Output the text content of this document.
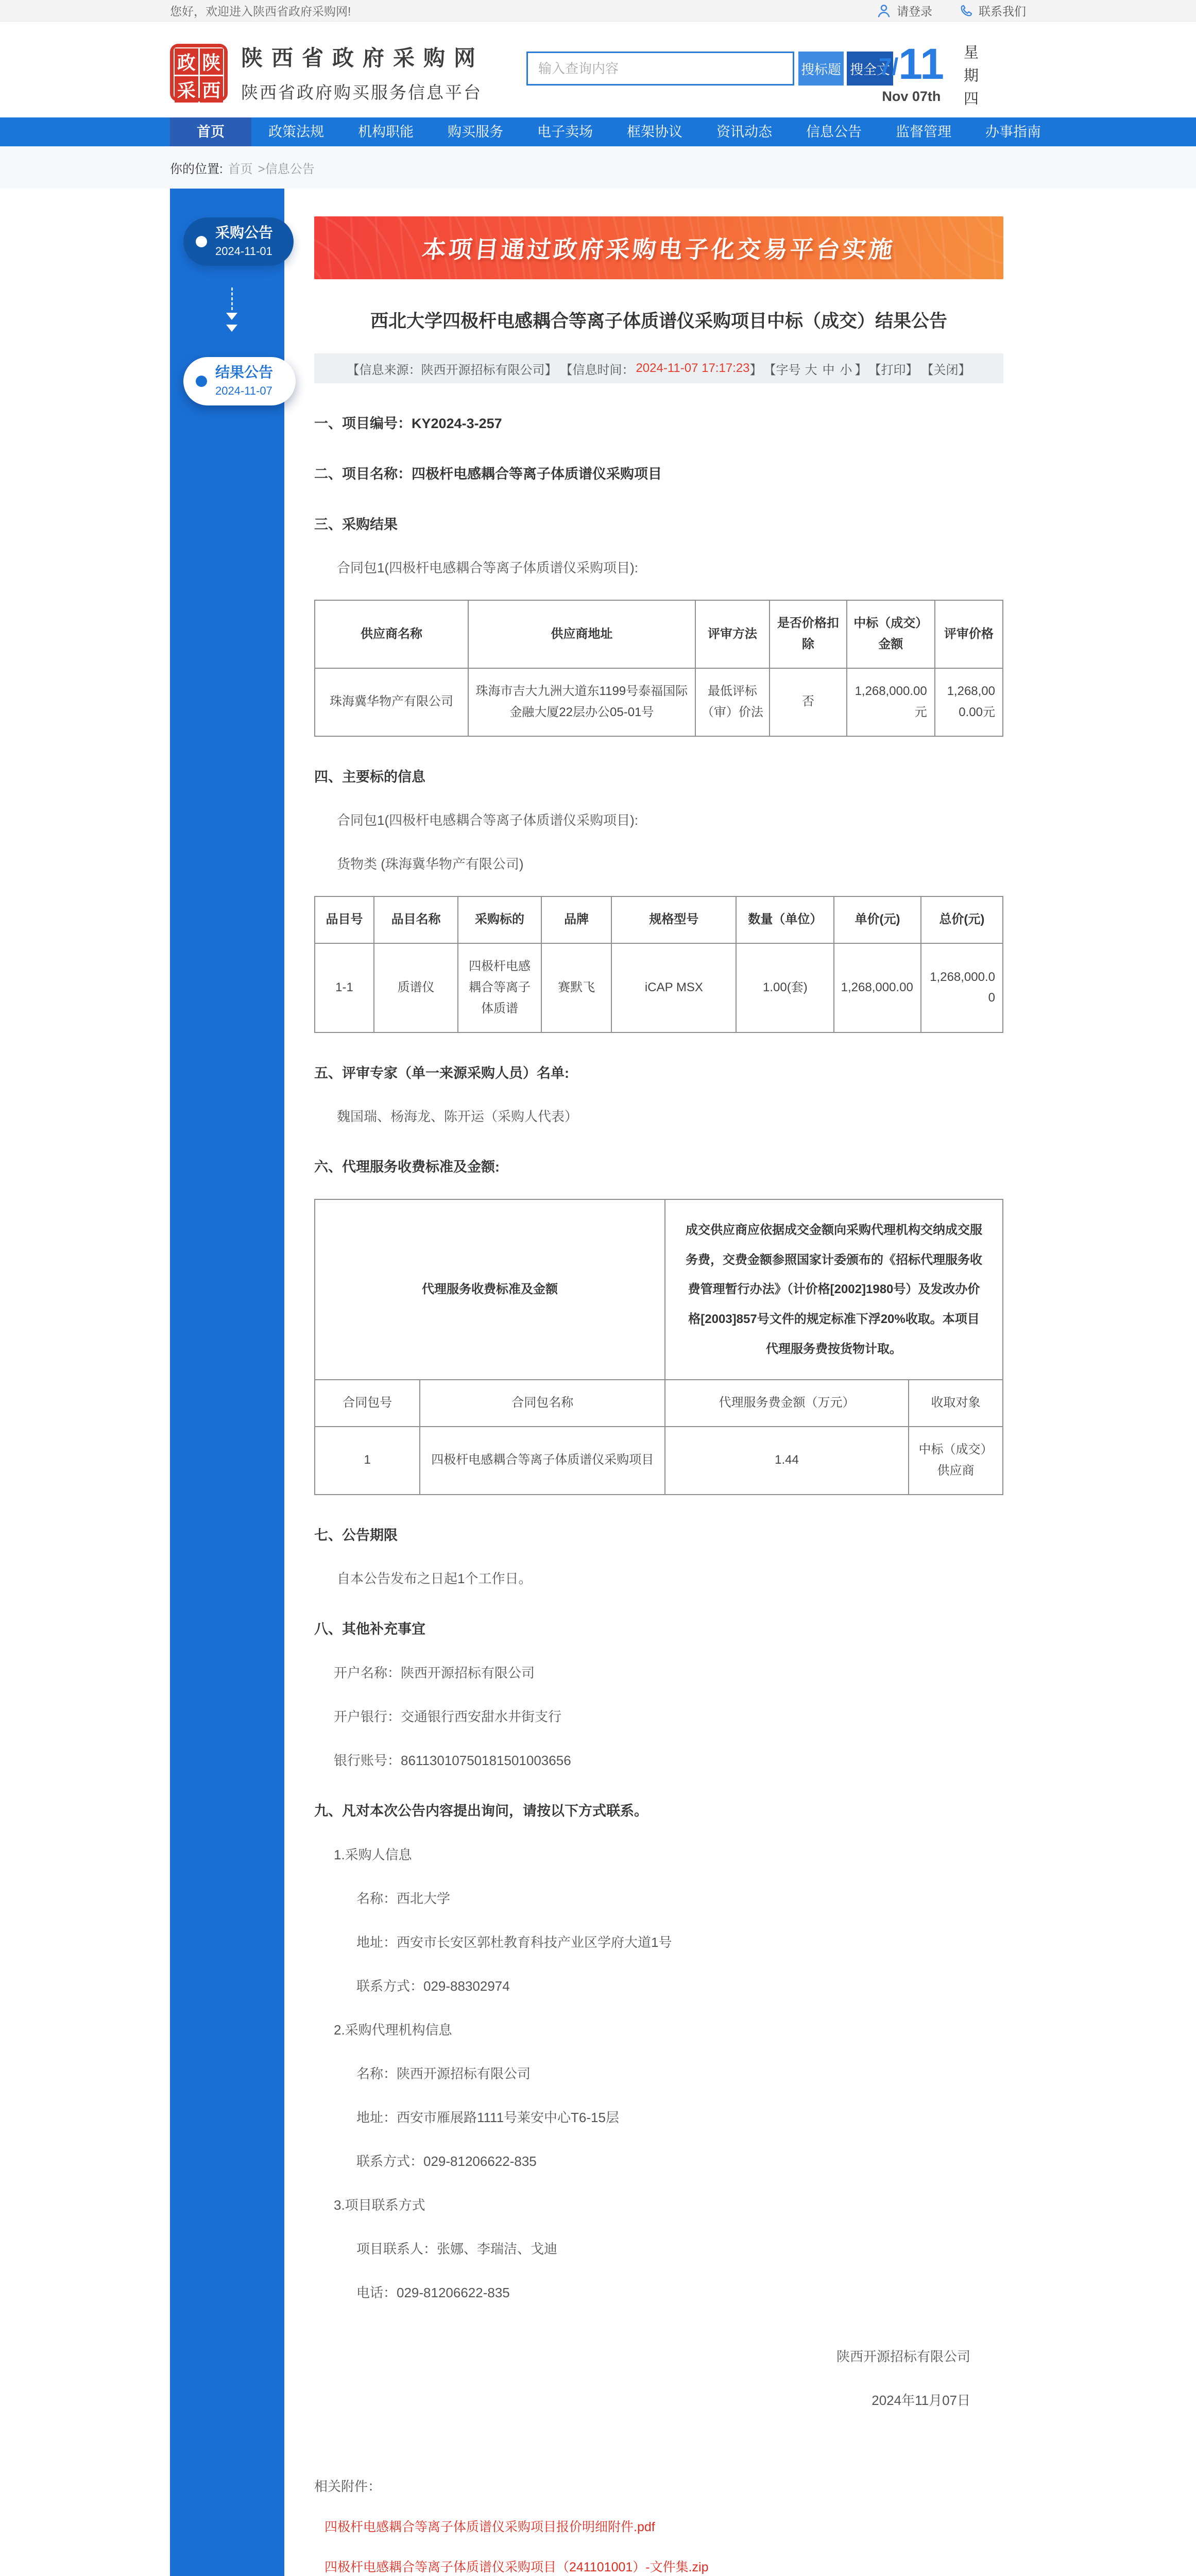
您好，欢迎进入陕西省政府采购网!	请登录	联系我们
政 陕
采 西
陕西省政府采购网
陕西省政府购买服务信息平台
输入查询内容
搜标题 搜全文
7/11
Nov 07th 星期四
首页	政策法规	机构职能	购买服务	电子卖场	框架协议	资讯动态	信息公告	监督管理	办事指南
你的位置: 首页 >信息公告
采购公告
2024-11-01
结果公告
2024-11-07
本项目通过政府采购电子化交易平台实施
西北大学四极杆电感耦合等离子体质谱仪采购项目中标（成交）结果公告
【信息来源：陕西开源招标有限公司】 【信息时间： 2024-11-07 17:17:23 】 【字号 大 中 小 】 【打印】 【关闭】
一、项目编号：KY2024-3-257
二、项目名称：四极杆电感耦合等离子体质谱仪采购项目
三、采购结果
合同包1(四极杆电感耦合等离子体质谱仪采购项目):
供应商名称	供应商地址	评审方法	是否价格扣除	中标（成交）金额	评审价格
珠海冀华物产有限公司	珠海市吉大九洲大道东1199号泰福国际金融大厦22层办公05-01号	最低评标（审）价法	否	1,268,000.00元	1,268,000.00元
四、主要标的信息
合同包1(四极杆电感耦合等离子体质谱仪采购项目):
货物类 (珠海冀华物产有限公司)
品目号	品目名称	采购标的	品牌	规格型号	数量（单位）	单价(元)	总价(元)
1-1	质谱仪	四极杆电感耦合等离子体质谱	赛默飞	iCAP MSX	1.00(套)	1,268,000.00	1,268,000.00
五、评审专家（单一来源采购人员）名单:
魏国瑞、杨海龙、陈开运（采购人代表）
六、代理服务收费标准及金额:
代理服务收费标准及金额		成交供应商应依据成交金额向采购代理机构交纳成交服务费，交费金额参照国家计委颁布的《招标代理服务收费管理暂行办法》（计价格[2002]1980号）及发改办价格[2003]857号文件的规定标准下浮20%收取。本项目代理服务费按货物计取。	
合同包号	合同包名称	代理服务费金额（万元）	收取对象
1	四极杆电感耦合等离子体质谱仪采购项目	1.44	中标（成交）供应商
七、公告期限
自本公告发布之日起1个工作日。
八、其他补充事宜
开户名称：陕西开源招标有限公司
开户银行：交通银行西安甜水井街支行
银行账号：86113010750181501003656
九、凡对本次公告内容提出询问，请按以下方式联系。
1.采购人信息
名称：西北大学
地址：西安市长安区郭杜教育科技产业区学府大道1号
联系方式：029-88302974
2.采购代理机构信息
名称：陕西开源招标有限公司
地址：西安市雁展路1111号莱安中心T6-15层
联系方式：029-81206622-835
3.项目联系方式
项目联系人：张娜、李瑞洁、戈迪
电话：029-81206622-835
陕西开源招标有限公司
2024年11月07日
相关附件：
四极杆电感耦合等离子体质谱仪采购项目报价明细附件.pdf
四极杆电感耦合等离子体质谱仪采购项目（241101001）-文件集.zip
